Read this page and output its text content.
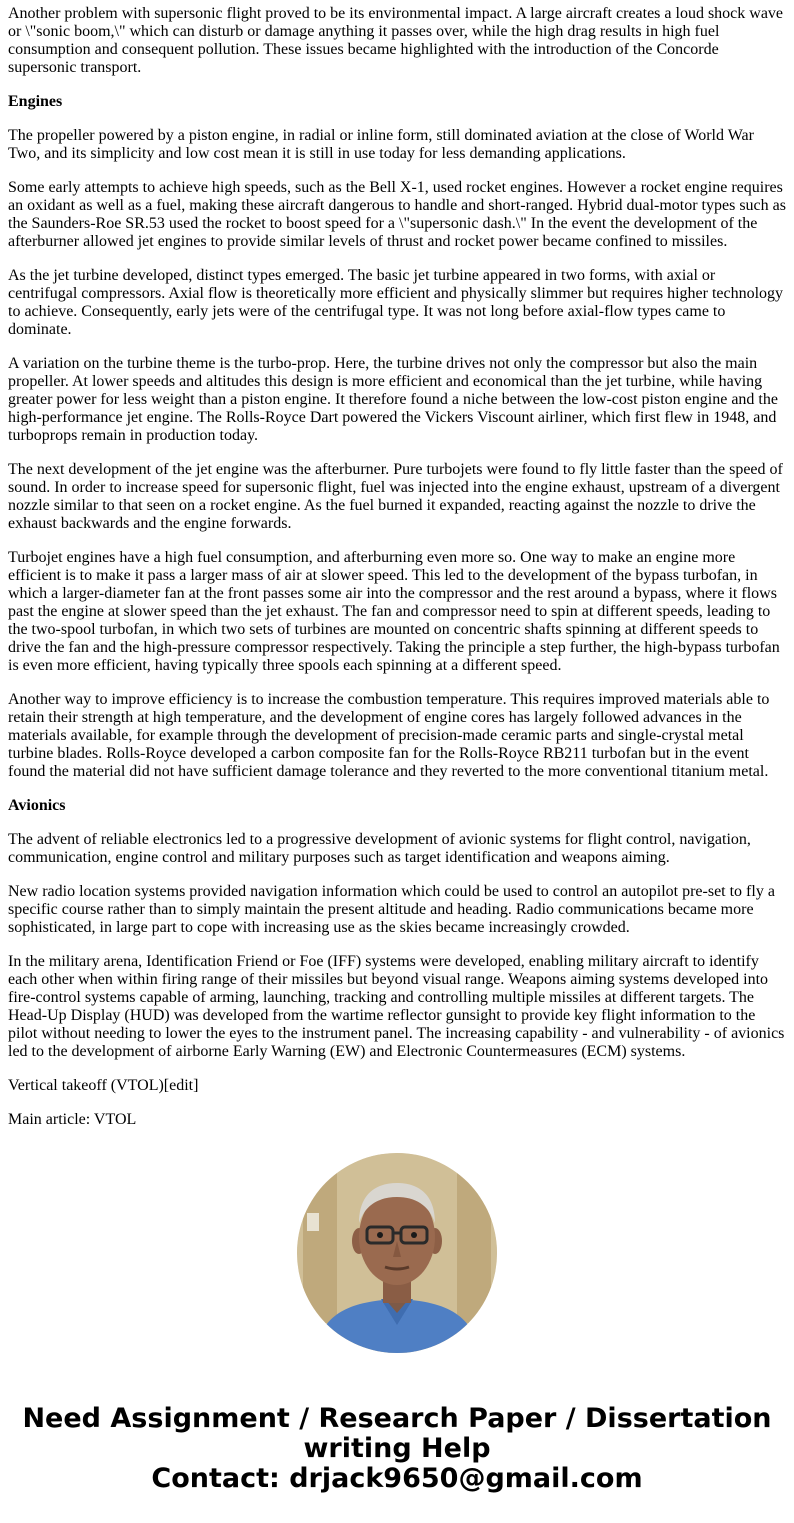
Another problem with supersonic flight proved to be its environmental impact. A large aircraft creates a loud shock wave or \"sonic boom,\" which can disturb or damage anything it passes over, while the high drag results in high fuel consumption and consequent pollution. These issues became highlighted with the introduction of the Concorde supersonic transport.

Engines

The propeller powered by a piston engine, in radial or inline form, still dominated aviation at the close of World War Two, and its simplicity and low cost mean it is still in use today for less demanding applications.

Some early attempts to achieve high speeds, such as the Bell X-1, used rocket engines. However a rocket engine requires an oxidant as well as a fuel, making these aircraft dangerous to handle and short-ranged. Hybrid dual-motor types such as the Saunders-Roe SR.53 used the rocket to boost speed for a \"supersonic dash.\" In the event the development of the afterburner allowed jet engines to provide similar levels of thrust and rocket power became confined to missiles.

As the jet turbine developed, distinct types emerged. The basic jet turbine appeared in two forms, with axial or centrifugal compressors. Axial flow is theoretically more efficient and physically slimmer but requires higher technology to achieve. Consequently, early jets were of the centrifugal type. It was not long before axial-flow types came to dominate.

A variation on the turbine theme is the turbo-prop. Here, the turbine drives not only the compressor but also the main propeller. At lower speeds and altitudes this design is more efficient and economical than the jet turbine, while having greater power for less weight than a piston engine. It therefore found a niche between the low-cost piston engine and the high-performance jet engine. The Rolls-Royce Dart powered the Vickers Viscount airliner, which first flew in 1948, and turboprops remain in production today.

The next development of the jet engine was the afterburner. Pure turbojets were found to fly little faster than the speed of sound. In order to increase speed for supersonic flight, fuel was injected into the engine exhaust, upstream of a divergent nozzle similar to that seen on a rocket engine. As the fuel burned it expanded, reacting against the nozzle to drive the exhaust backwards and the engine forwards.

Turbojet engines have a high fuel consumption, and afterburning even more so. One way to make an engine more efficient is to make it pass a larger mass of air at slower speed. This led to the development of the bypass turbofan, in which a larger-diameter fan at the front passes some air into the compressor and the rest around a bypass, where it flows past the engine at slower speed than the jet exhaust. The fan and compressor need to spin at different speeds, leading to the two-spool turbofan, in which two sets of turbines are mounted on concentric shafts spinning at different speeds to drive the fan and the high-pressure compressor respectively. Taking the principle a step further, the high-bypass turbofan is even more efficient, having typically three spools each spinning at a different speed.

Another way to improve efficiency is to increase the combustion temperature. This requires improved materials able to retain their strength at high temperature, and the development of engine cores has largely followed advances in the materials available, for example through the development of precision-made ceramic parts and single-crystal metal turbine blades. Rolls-Royce developed a carbon composite fan for the Rolls-Royce RB211 turbofan but in the event found the material did not have sufficient damage tolerance and they reverted to the more conventional titanium metal.

Avionics

The advent of reliable electronics led to a progressive development of avionic systems for flight control, navigation, communication, engine control and military purposes such as target identification and weapons aiming.

New radio location systems provided navigation information which could be used to control an autopilot pre-set to fly a specific course rather than to simply maintain the present altitude and heading. Radio communications became more sophisticated, in large part to cope with increasing use as the skies became increasingly crowded.

In the military arena, Identification Friend or Foe (IFF) systems were developed, enabling military aircraft to identify each other when within firing range of their missiles but beyond visual range. Weapons aiming systems developed into fire-control systems capable of arming, launching, tracking and controlling multiple missiles at different targets. The Head-Up Display (HUD) was developed from the wartime reflector gunsight to provide key flight information to the pilot without needing to lower the eyes to the instrument panel. The increasing capability - and vulnerability - of avionics led to the development of airborne Early Warning (EW) and Electronic Countermeasures (ECM) systems.

Vertical takeoff (VTOL)[edit]

Main article: VTOL

Need Assignment / Research Paper / Dissertation
writing Help
Contact: drjack9650@gmail.com
